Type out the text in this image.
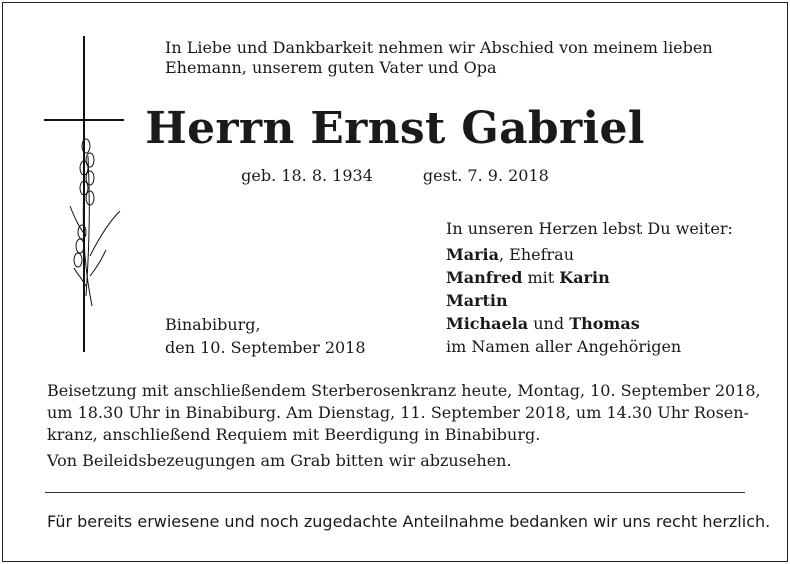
In Liebe und Dankbarkeit nehmen wir Abschied von meinem lieben
Ehemann, unserem guten Vater und Opa
Herrn Ernst Gabriel
geb. 18. 8. 1934	gest. 7. 9. 2018
In unseren Herzen lebst Du weiter:
Maria, Ehefrau
Manfred mit Karin
Martin
Michaela und Thomas
im Namen aller Angehörigen
Binabiburg,
den 10. September 2018
Beisetzung mit anschließendem Sterberosenkranz heute, Montag, 10. September 2018,
um 18.30 Uhr in Binabiburg. Am Dienstag, 11. September 2018, um 14.30 Uhr Rosen-
kranz, anschließend Requiem mit Beerdigung in Binabiburg.
Von Beileidsbezeugungen am Grab bitten wir abzusehen.
Für bereits erwiesene und noch zugedachte Anteilnahme bedanken wir uns recht herzlich.
